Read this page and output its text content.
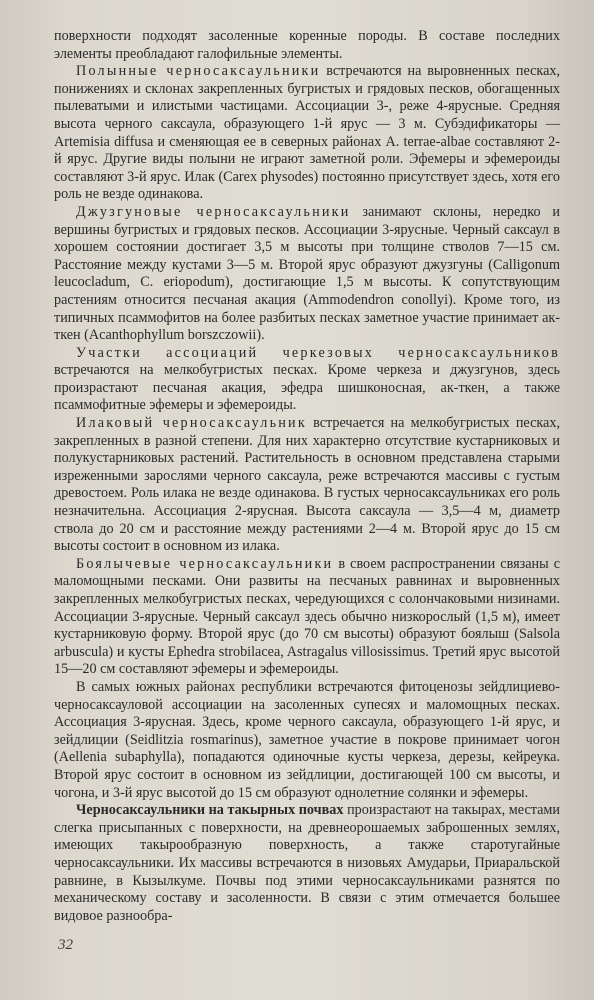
поверхности подходят засоленные коренные породы. В составе последних элементы преобладают галофильные элементы.

Полынные черносаксаульники встречаются на выровненных песках, понижениях и склонах закрепленных бугристых и грядовых песков, обогащенных пылеватыми и илистыми частицами. Ассоциации 3-, реже 4-ярусные. Средняя высота черного саксаула, образующего 1-й ярус — 3 м. Субэдификаторы — Artemisia diffusa и сменяющая ее в северных районах A. terrae-albae составляют 2-й ярус. Другие виды полыни не играют заметной роли. Эфемеры и эфемероиды составляют 3-й ярус. Илак (Carex physodes) постоянно присутствует здесь, хотя его роль не везде одинакова.

Джузгуновые черносаксаульники занимают склоны, нередко и вершины бугристых и грядовых песков. Ассоциации 3-ярусные. Черный саксаул в хорошем состоянии достигает 3,5 м высоты при толщине стволов 7—15 см. Расстояние между кустами 3—5 м. Второй ярус образуют джузгуны (Calligonum leucocladum, C. eriopodum), достигающие 1,5 м высоты. К сопутствующим растениям относится песчаная акация (Ammodendron conollyi). Кроме того, из типичных псаммофитов на более разбитых песках заметное участие принимает ак-ткен (Acanthophyllum borszczowii).

Участки ассоциаций черкезовых черносаксаульников встречаются на мелкобугристых песках. Кроме черкеза и джузгунов, здесь произрастают песчаная акация, эфедра шишконосная, ак-ткен, а также псаммофитные эфемеры и эфемероиды.

Илаковый черносаксаульник встречается на мелкобугристых песках, закрепленных в разной степени. Для них характерно отсутствие кустарниковых и полукустарниковых растений. Растительность в основном представлена старыми изреженными зарослями черного саксаула, реже встречаются массивы с густым древостоем. Роль илака не везде одинакова. В густых черносаксаульниках его роль незначительна. Ассоциация 2-ярусная. Высота саксаула — 3,5—4 м, диаметр ствола до 20 см и расстояние между растениями 2—4 м. Второй ярус до 15 см высоты состоит в основном из илака.

Боялычевые черносаксаульники в своем распространении связаны с маломощными песками. Они развиты на песчаных равнинах и выровненных закрепленных мелкобугристых песках, чередующихся с солончаковыми низинами. Ассоциации 3-ярусные. Черный саксаул здесь обычно низкорослый (1,5 м), имеет кустарниковую форму. Второй ярус (до 70 см высоты) образуют боялыш (Salsola arbuscula) и кусты Ephedra strobilacea, Astragalus villosissimus. Третий ярус высотой 15—20 см составляют эфемеры и эфемероиды.

В самых южных районах республики встречаются фитоценозы зейдлициево-черносаксауловой ассоциации на засоленных супесях и маломощных песках. Ассоциация 3-ярусная. Здесь, кроме черного саксаула, образующего 1-й ярус, и зейдлиции (Seidlitzia rosmarinus), заметное участие в покрове принимает чогон (Aellenia subaphylla), попадаются одиночные кусты черкеза, дерезы, кейреука. Второй ярус состоит в основном из зейдлиции, достигающей 100 см высоты, и чогона, и 3-й ярус высотой до 15 см образуют однолетние солянки и эфемеры.

Черносаксаульники на такырных почвах произрастают на такырах, местами слегка присыпанных с поверхности, на древнеорошаемых заброшенных землях, имеющих такырообразную поверхность, а также старотугайные черносаксаульники. Их массивы встречаются в низовьях Амударьи, Приаральской равнине, в Кызылкуме. Почвы под этими черносаксаульниками разнятся по механическому составу и засоленности. В связи с этим отмечается большее видовое разнообра-

32
